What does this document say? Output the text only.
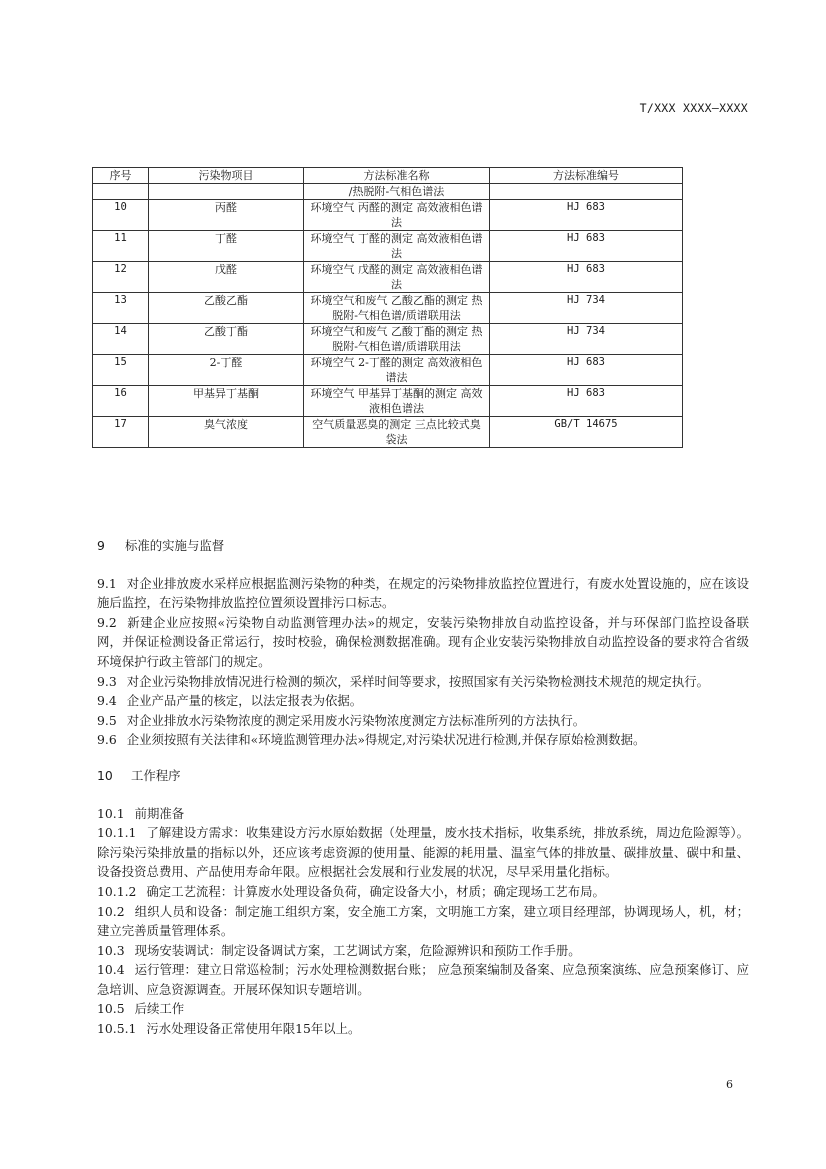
T/XXX XXXX—XXXX
序号	污染物项目	方法标准名称	方法标准编号
		/热脱附-气相色谱法	
10	丙醛	环境空气 丙醛的测定 高效液相色谱法	HJ 683
11	丁醛	环境空气 丁醛的测定 高效液相色谱法	HJ 683
12	戊醛	环境空气 戊醛的测定 高效液相色谱法	HJ 683
13	乙酸乙酯	环境空气和废气 乙酸乙酯的测定 热脱附-气相色谱/质谱联用法	HJ 734
14	乙酸丁酯	环境空气和废气 乙酸丁酯的测定 热脱附-气相色谱/质谱联用法	HJ 734
15	2-丁醛	环境空气 2-丁醛的测定 高效液相色谱法	HJ 683
16	甲基异丁基酮	环境空气 甲基异丁基酮的测定 高效液相色谱法	HJ 683
17	臭气浓度	空气质量恶臭的测定 三点比较式臭袋法	GB/T 14675
9 标准的实施与监督

9.1 对企业排放废水采样应根据监测污染物的种类，在规定的污染物排放监控位置进行，有废水处置设施的，应在该设施后监控，在污染物排放监控位置须设置排污口标志。

9.2 新建企业应按照«污染物自动监测管理办法»的规定，安装污染物排放自动监控设备，并与环保部门监控设备联网，并保证检测设备正常运行，按时校验，确保检测数据准确。现有企业安装污染物排放自动监控设备的要求符合省级环境保护行政主管部门的规定。

9.3 对企业污染物排放情况进行检测的频次，采样时间等要求，按照国家有关污染物检测技术规范的规定执行。

9.4 企业产品产量的核定，以法定报表为依据。

9.5 对企业排放水污染物浓度的测定采用废水污染物浓度测定方法标准所列的方法执行。

9.6 企业须按照有关法律和«环境监测管理办法»得规定,对污染状况进行检测,并保存原始检测数据。

10 工作程序

10.1 前期准备

10.1.1 了解建设方需求：收集建设方污水原始数据（处理量，废水技术指标，收集系统，排放系统，周边危险源等）。除污染污染排放量的指标以外，还应该考虑资源的使用量、能源的耗用量、温室气体的排放量、碳排放量、碳中和量、设备投资总费用、产品使用寿命年限。应根据社会发展和行业发展的状况，尽早采用量化指标。

10.1.2 确定工艺流程：计算废水处理设备负荷，确定设备大小，材质；确定现场工艺布局。

10.2 组织人员和设备：制定施工组织方案，安全施工方案，文明施工方案，建立项目经理部，协调现场人，机，材；建立完善质量管理体系。

10.3 现场安装调试：制定设备调试方案，工艺调试方案，危险源辨识和预防工作手册。

10.4 运行管理：建立日常巡检制；污水处理检测数据台账； 应急预案编制及备案、应急预案演练、应急预案修订、应急培训、应急资源调查。开展环保知识专题培训。

10.5 后续工作

10.5.1 污水处理设备正常使用年限15年以上。

6
